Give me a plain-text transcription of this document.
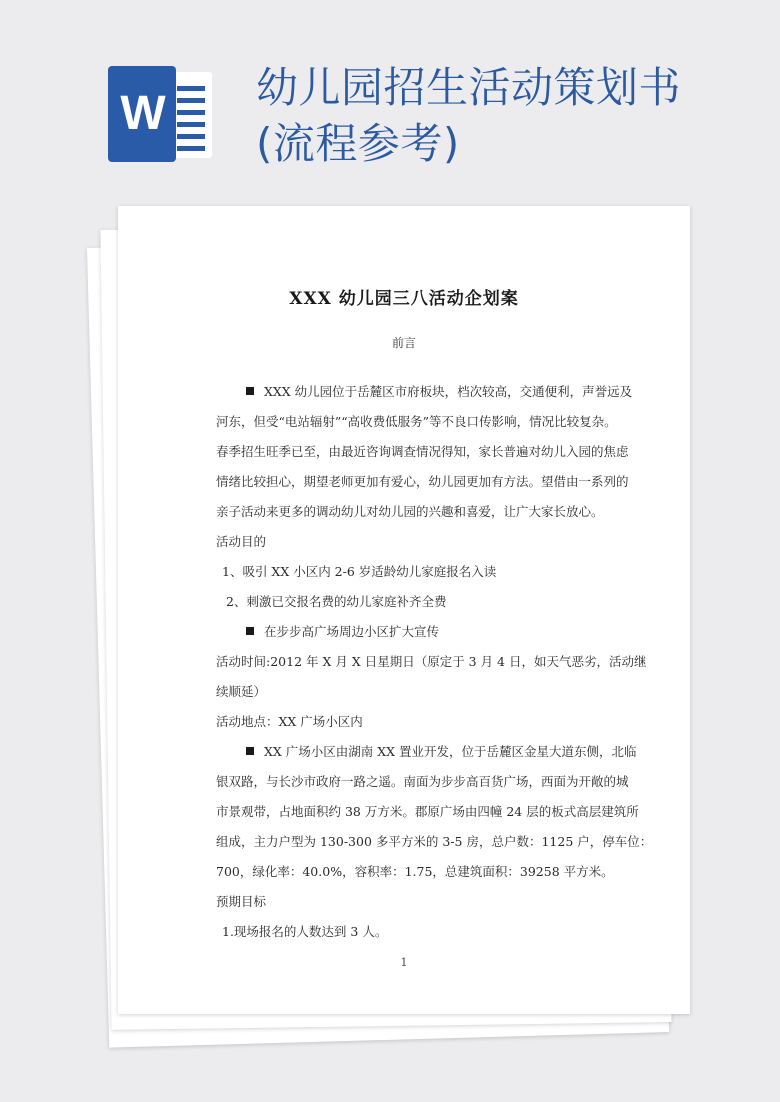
W 幼儿园招生活动策划书
(流程参考)
XXX 幼儿园三八活动企划案
前言
XXX 幼儿园位于岳麓区市府板块，档次较高，交通便利，声誉远及
河东，但受“电站辐射”“高收费低服务”等不良口传影响，情况比较复杂。
春季招生旺季已至，由最近咨询调查情况得知，家长普遍对幼儿入园的焦虑
情绪比较担心，期望老师更加有爱心，幼儿园更加有方法。望借由一系列的
亲子活动来更多的调动幼儿对幼儿园的兴趣和喜爱，让广大家长放心。
活动目的
1、吸引 XX 小区内 2-6 岁适龄幼儿家庭报名入读
2、刺激已交报名费的幼儿家庭补齐全费
在步步高广场周边小区扩大宣传
活动时间:2012 年 X 月 X 日星期日（原定于 3 月 4 日，如天气恶劣，活动继
续顺延）
活动地点：XX 广场小区内
XX 广场小区由湖南 XX 置业开发，位于岳麓区金星大道东侧，北临
银双路，与长沙市政府一路之遥。南面为步步高百货广场，西面为开敞的城
市景观带，占地面积约 38 万方米。郡原广场由四幢 24 层的板式高层建筑所
组成，主力户型为 130-300 多平方米的 3-5 房，总户数：1125 户，停车位：
700，绿化率：40.0%，容积率：1.75，总建筑面积：39258 平方米。
预期目标
1.现场报名的人数达到 3 人。
1
